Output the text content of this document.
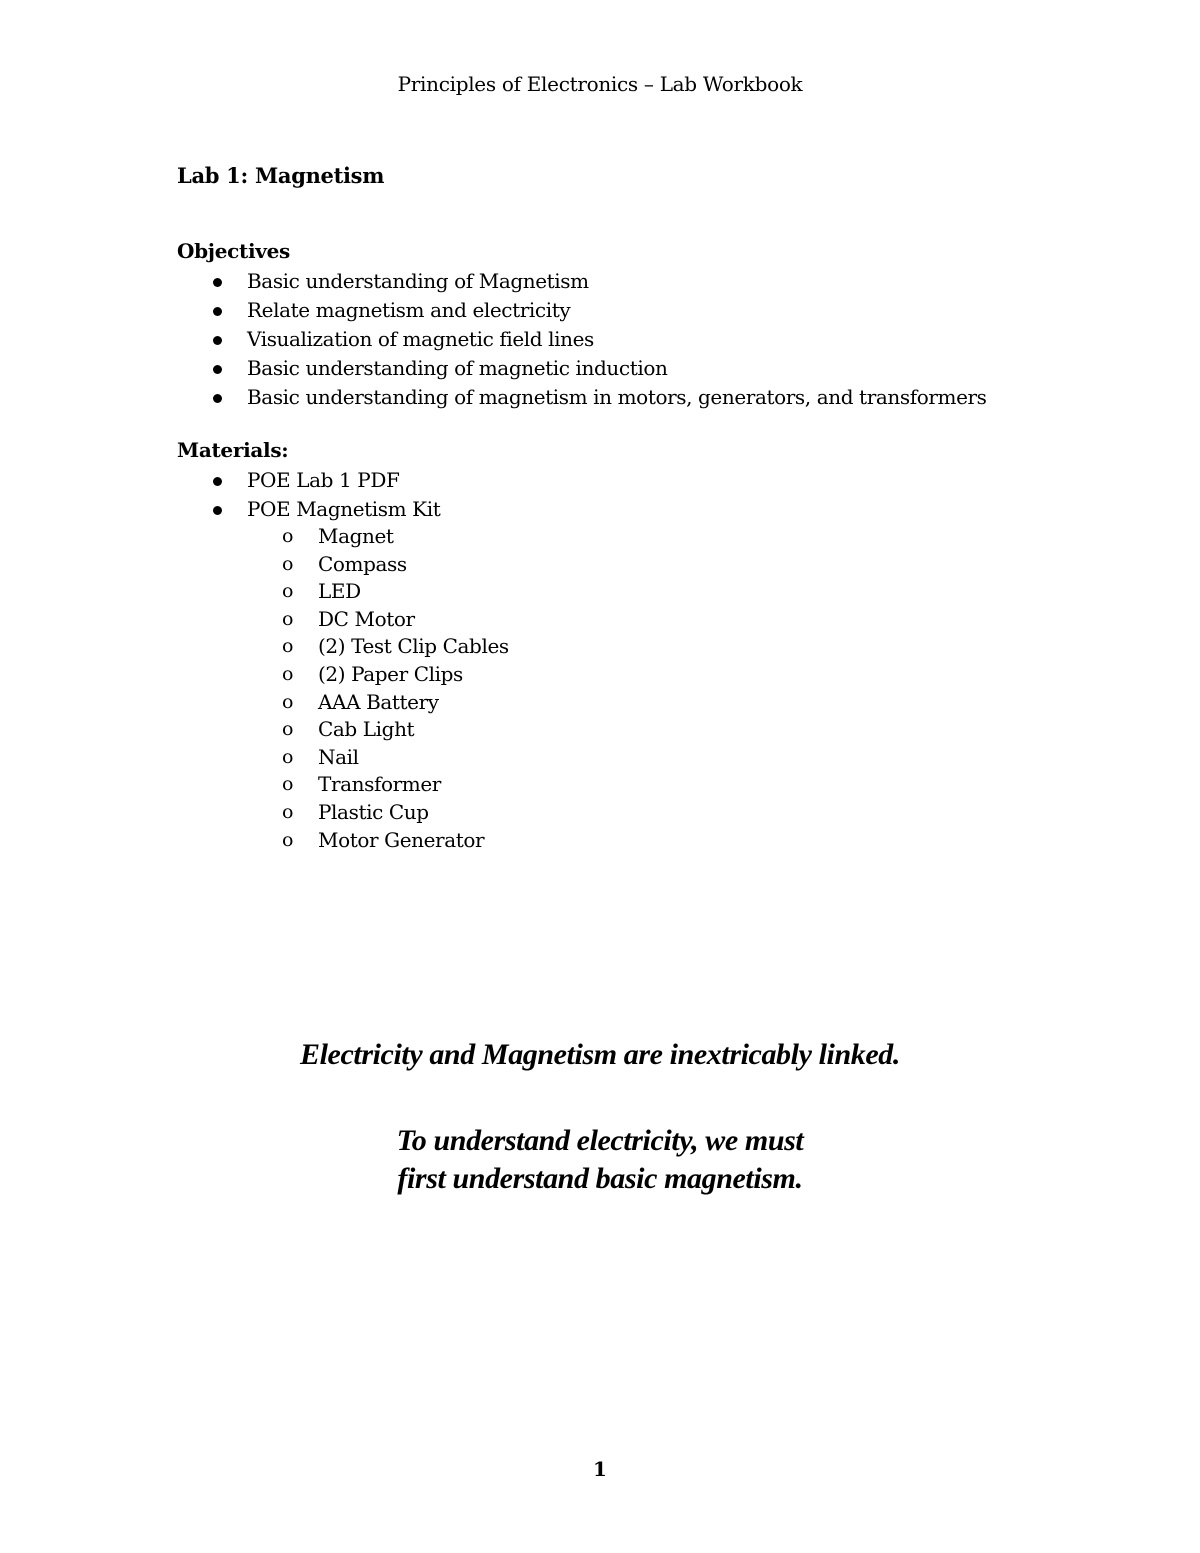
Principles of Electronics – Lab Workbook
Lab 1: Magnetism
Objectives
Basic understanding of Magnetism
Relate magnetism and electricity
Visualization of magnetic field lines
Basic understanding of magnetic induction
Basic understanding of magnetism in motors, generators, and transformers
Materials:
POE Lab 1 PDF
POE Magnetism Kit
o Magnet
o Compass
o LED
o DC Motor
o (2) Test Clip Cables
o (2) Paper Clips
o AAA Battery
o Cab Light
o Nail
o Transformer
o Plastic Cup
o Motor Generator
Electricity and Magnetism are inextricably linked.
To understand electricity, we must
first understand basic magnetism.
1
